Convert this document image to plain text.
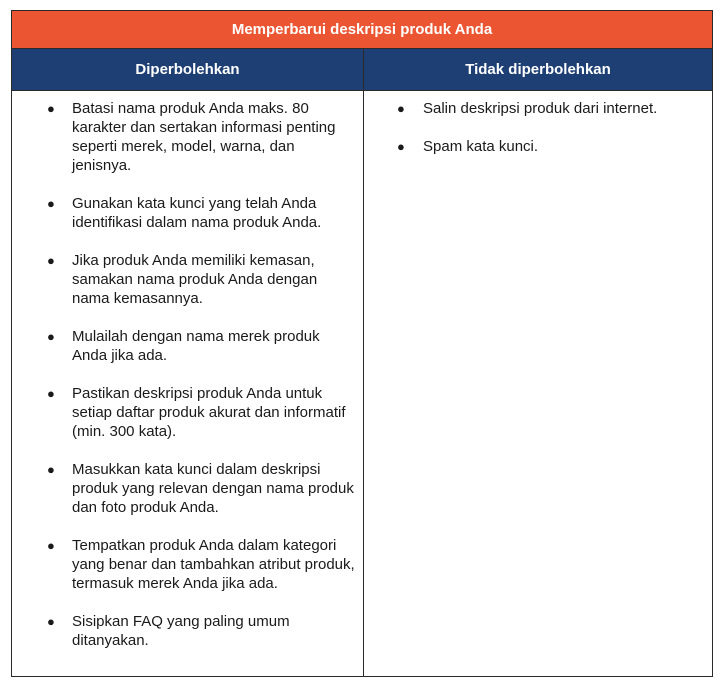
Memperbarui deskripsi produk Anda
Diperbolehkan	Tidak diperbolehkan
● Batasi nama produk Anda maks. 80 karakter dan sertakan informasi penting seperti merek, model, warna, dan jenisnya.
● Gunakan kata kunci yang telah Anda identifikasi dalam nama produk Anda.
● Jika produk Anda memiliki kemasan, samakan nama produk Anda dengan nama kemasannya.
● Mulailah dengan nama merek produk Anda jika ada.
● Pastikan deskripsi produk Anda untuk setiap daftar produk akurat dan informatif (min. 300 kata).
● Masukkan kata kunci dalam deskripsi produk yang relevan dengan nama produk dan foto produk Anda.
● Tempatkan produk Anda dalam kategori yang benar dan tambahkan atribut produk, termasuk merek Anda jika ada.
● Sisipkan FAQ yang paling umum ditanyakan.
● Salin deskripsi produk dari internet.
● Spam kata kunci.
